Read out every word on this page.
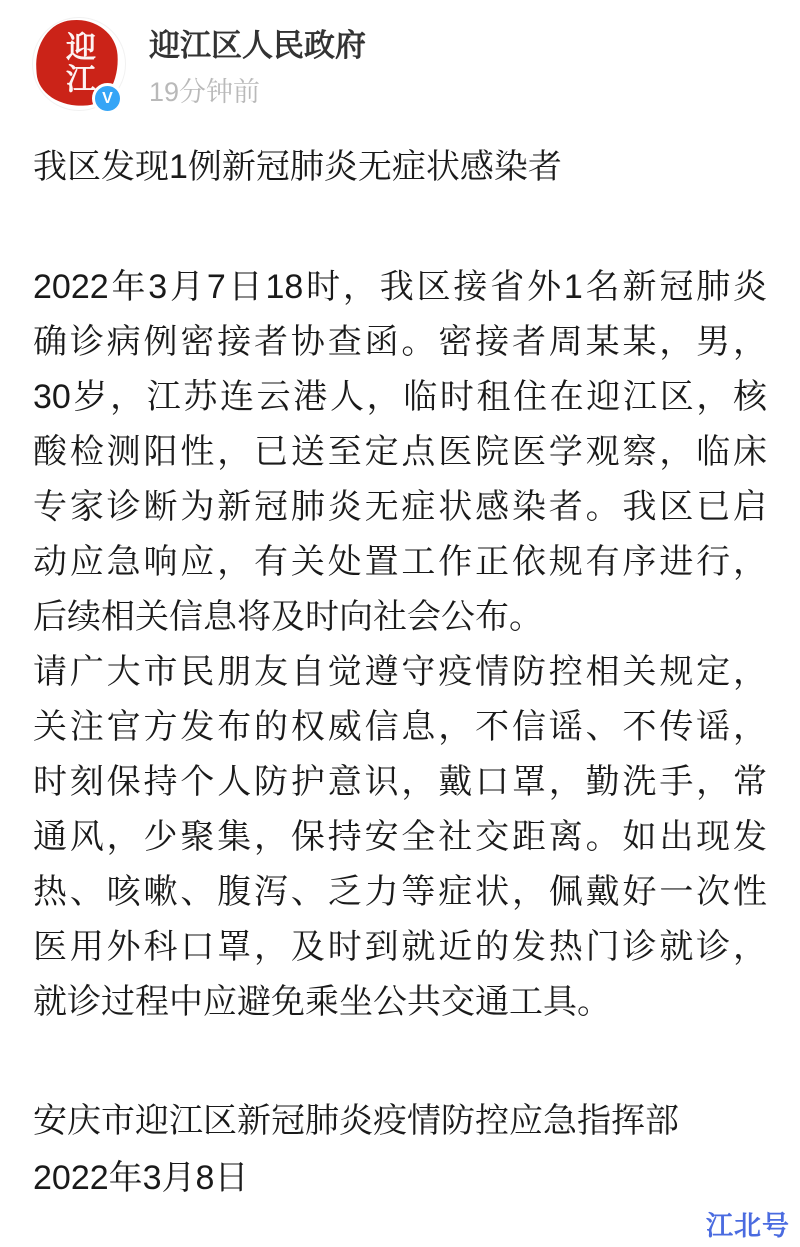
迎江
V
迎江区人民政府
19分钟前
我区发现1例新冠肺炎无症状感染者
2022年3月7日18时，我区接省外1名新冠肺炎
确诊病例密接者协查函。密接者周某某，男，
30岁，江苏连云港人，临时租住在迎江区，核
酸检测阳性，已送至定点医院医学观察，临床
专家诊断为新冠肺炎无症状感染者。我区已启
动应急响应，有关处置工作正依规有序进行，
后续相关信息将及时向社会公布。
请广大市民朋友自觉遵守疫情防控相关规定，
关注官方发布的权威信息，不信谣、不传谣，
时刻保持个人防护意识，戴口罩，勤洗手，常
通风，少聚集，保持安全社交距离。如出现发
热、咳嗽、腹泻、乏力等症状，佩戴好一次性
医用外科口罩，及时到就近的发热门诊就诊，
就诊过程中应避免乘坐公共交通工具。
安庆市迎江区新冠肺炎疫情防控应急指挥部
2022年3月8日
江北号
